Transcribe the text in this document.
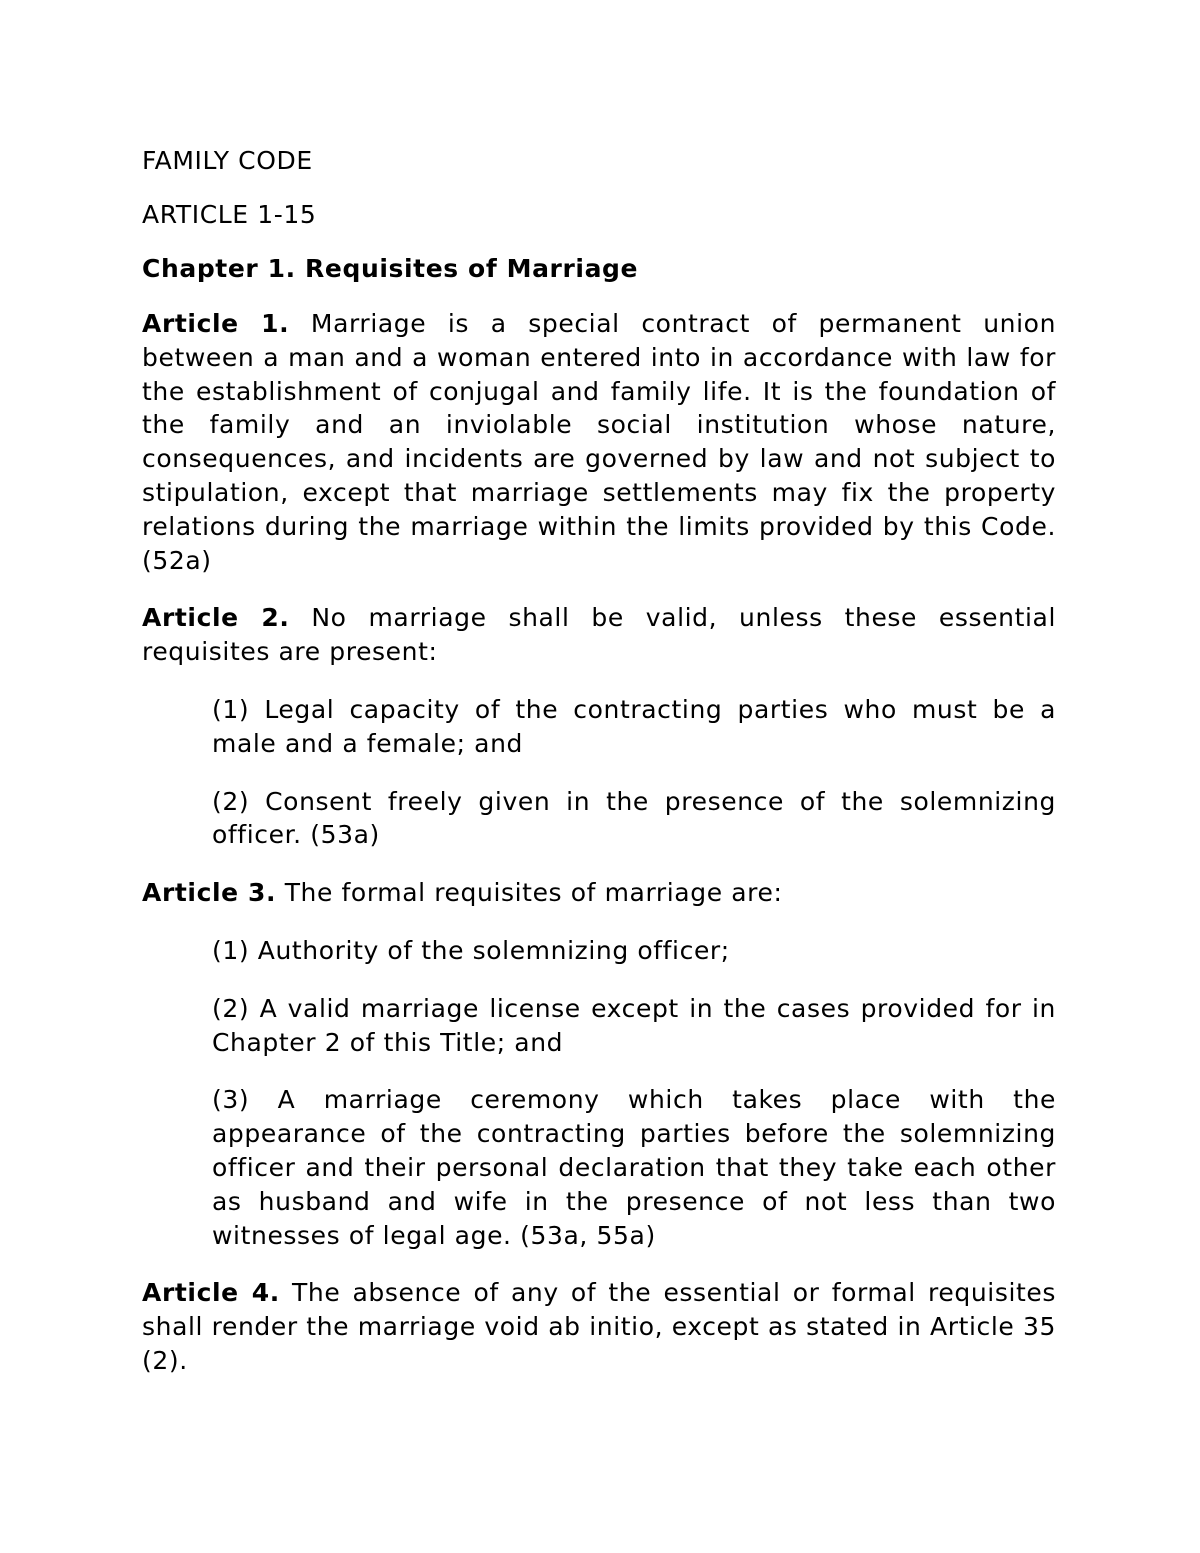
FAMILY CODE
ARTICLE 1-15
Chapter 1. Requisites of Marriage

Article 1. Marriage is a special contract of permanent union between a man and a woman entered into in accordance with law for the establishment of conjugal and family life. It is the foundation of the family and an inviolable social institution whose nature, consequences, and incidents are governed by law and not subject to stipulation, except that marriage settlements may fix the property relations during the marriage within the limits provided by this Code. (52a)

Article 2. No marriage shall be valid, unless these essential requisites are present:

(1) Legal capacity of the contracting parties who must be a male and a female; and

(2) Consent freely given in the presence of the solemnizing officer. (53a)

Article 3. The formal requisites of marriage are:

(1) Authority of the solemnizing officer;

(2) A valid marriage license except in the cases provided for in Chapter 2 of this Title; and

(3) A marriage ceremony which takes place with the appearance of the contracting parties before the solemnizing officer and their personal declaration that they take each other as husband and wife in the presence of not less than two witnesses of legal age. (53a, 55a)

Article 4. The absence of any of the essential or formal requisites shall render the marriage void ab initio, except as stated in Article 35 (2).
